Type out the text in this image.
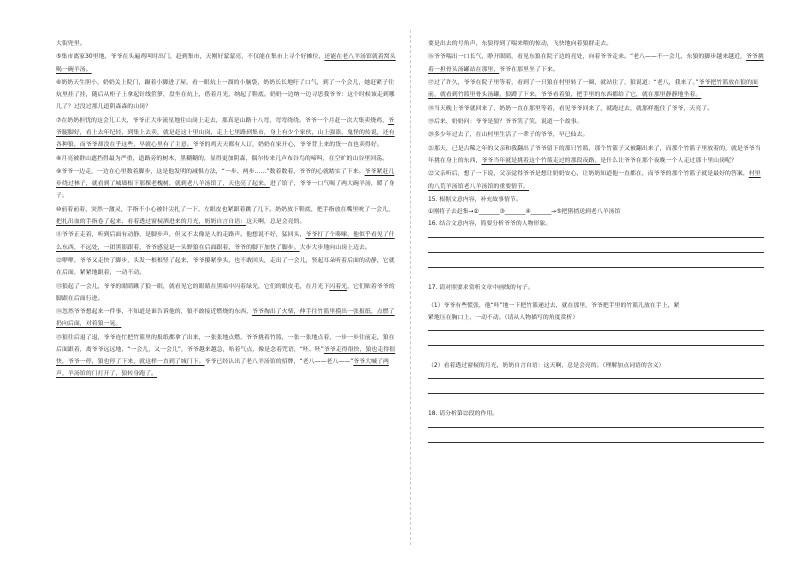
大街兜里。

⑤集市离家30里地，爷爷在头遍鸡叫时出门，赶到集市，天刚好蒙蒙亮，不仅能在集市上寻个好摊位，还能在老八羊汤馆就着窝头喝一碗羊汤。

⑥奶奶天生胆小，奶奶关上院门，蹑着小脚进了屋，看一眼炕上一溜的小脑袋，奶奶长长地吁了口气，到了一个会儿，她赶紧子往炕里挂了挂，随后从柜子上拿起针线笸箩，盘坐在炕上，借着月光，纳起了鞋底。奶奶一边纳一边寻思我爷爷：这个时候该走到哪儿了？过没过那几道阴森森的山岗？

⑦在奶奶担忧的这会儿工夫，爷爷正大步流星地往山岗上走去，那真是山路十八弯，弯弯绕绕。爷爷一个月赶一次大集卖烧鸡，爷爷腿脚好，看上去年纪轻，到集上去卖，就是赶这十里山岗，走上七里路到集市，身上有少个家伙，山上强盗，鬼怪的传说，还有各种狼，而爷爷却没在乎这些，早就心里有了主意。爷爷的鸡天天都有人订，奶奶在家开心，爷爷背上来的货一直也卖得好。

⑧月亮被群山遮挡得最为严重，道路旁的树木，黑糊糊的，显得更加阴森，偶尔传来几声布谷鸟的啼叫，在空旷的山谷里回荡。

⑨爷爷一边走，一边在心里数着脚步，这是他发明的减惧方法，“一步、两步……”数着数着，爷爷的心就踏实了下来。爷爷紧赶几步绕过林子，就看到了城墙根下那棵老槐树，就到老八羊汤馆了，天也亮了起来。进了馆子，爷爷一口气喝了两大碗羊汤，暖了身子。

⑩前着前着，突然一激灵，手指不小心被针尖扎了一下，左眼皮也紧跟着跳了几下。奶奶放下鞋底，把手指放在嘴里吮了一会儿，把扎出血的手指卷了起来，看着透过窗棂洒进来的月光，奶奶自言自语：这天啊，总是会亮的。

⑪爷爷正走着，听到后面有动静，是脚步声，但又不太像是人的走路声。他想说不好，猛回头，爷爷打了个哆嗦，他似乎看见了什么东西，不远处，一团黑影跟着，爷爷感觉是一头野狼在后面跟着，爷爷的脚下加快了脚步。大步大步地向山岗上迈去。

⑫咿咿，爷爷又走快了脚步，头发一根根竖了起来，爷爷攥紧拳头，也不敢回头，走出了一会儿，竖起耳朵听着后面的动静，它就在后面，紧紧地跟着，一动不动。

⑬狼起了一会儿，爷爷的眼睛瞅了狼一眼，就看见它的眼睛在黑暗中闪着绿光，它们的眼皮毛，在月光下闪着光，它们贴着爷爷的脚跟在后面行进。

⑭忽然爷爷想起来一件事，不知道是谁告诉他的，狼不敢接近燃烧的东西，爷爷掏出了火柴，伸手往竹篮里摸出一张报纸，点燃了扔向后面，对着狼一晃。

⑮狼往后退了退，爷爷连忙把竹篮里的报纸都拿了出来，一张张地点燃，爷爷挑着竹篮，一张一张地点着，一步一步往前走，狼在后面跟着，离爷爷远远地，“一会儿，又一会儿”，爷爷越来越急，哈着气点，像是念着咒语，“呸、呸”爷爷走得很快，狼也走得很快，爷爷一停，狼也停了下来，就这样一直到了城门下。爷爷已经认出了老八羊汤馆的招牌，“老八——老八——”爷爷大喊了两声，羊汤馆的门打开了，狼转身跑了。

要是出去的号角声，东狼得到了喘来喂的惊动，飞快地向着狼群走去。

⑯爷爷喘出一口长气，睁开眼睛，看见东狼在院子边的亮处，向着爷爷走来。“老八——不一会儿，东狼的脚步越来越近，爷爷挑着一担骨头汤罐站在那里，爷爷在那里坐了下来。

⑰过了许久，爷爷在院子里等着，看到了一只狼在村里转了一圈，就站住了，狼说道：“老八，我来了。”爷爷把竹篮放在狼的面前，就看到竹篮里骨头汤罐，狼蹲了下来，爷爷看着狼，把手里的东西都给了它，就在那里静静地坐着。

⑱当天晚上爷爷就回来了，奶奶一直在那里等着，看见爷爷回来了，就跑过去，就那样抱住了爷爷，天亮了。

⑲后来，奶奶问：爷爷是狼？爷爷笑了笑，说道一个故事。

⑳多少年过去了，在山村里生活了一辈子的爷爷，早已仙去。

㉑那天，已是古稀之年的父亲和我翻出了爷爷留下的那只竹篮，那个竹篮子又被翻出来了，而那个竹篮子里放着的，就是爷爷当年挑在身上的东西，爷爷当年就是挑着这个竹篮走过的那段夜路，是什么让爷爷在那个夜晚一个人走过那十里山岗呢？

㉒父亲听后，想了一下说，父亲觉得爷爷是想让奶奶安心，让奶奶知道他一直都在，而爷爷的那个竹篮子就是最好的答案，村里的八荒羊汤馆老八羊汤馆的重要情节。

15. 根据文意内容，补充故事情节。

①刚将子去赶集→②_______③_______④_______→⑤把猪捎送到老八羊汤馆

16. 结合文意内容，简要分析爷爷的人物形象。

17. 请对照要求赏析文章中画线的句子。

（1）爷爷有些慌张，他“咔”地一下把竹篮递过去，就在那里，爷爷把手里的竹篮儿放在手上，紧

紧地压在胸口上，一动不动。（请从人物描写的角度赏析）

（2）看着透过窗棂的月光，奶奶自言自语：这天啊，总是会亮的。（理解加点词语的含义）

18. 请分析第㉒段的作用。
